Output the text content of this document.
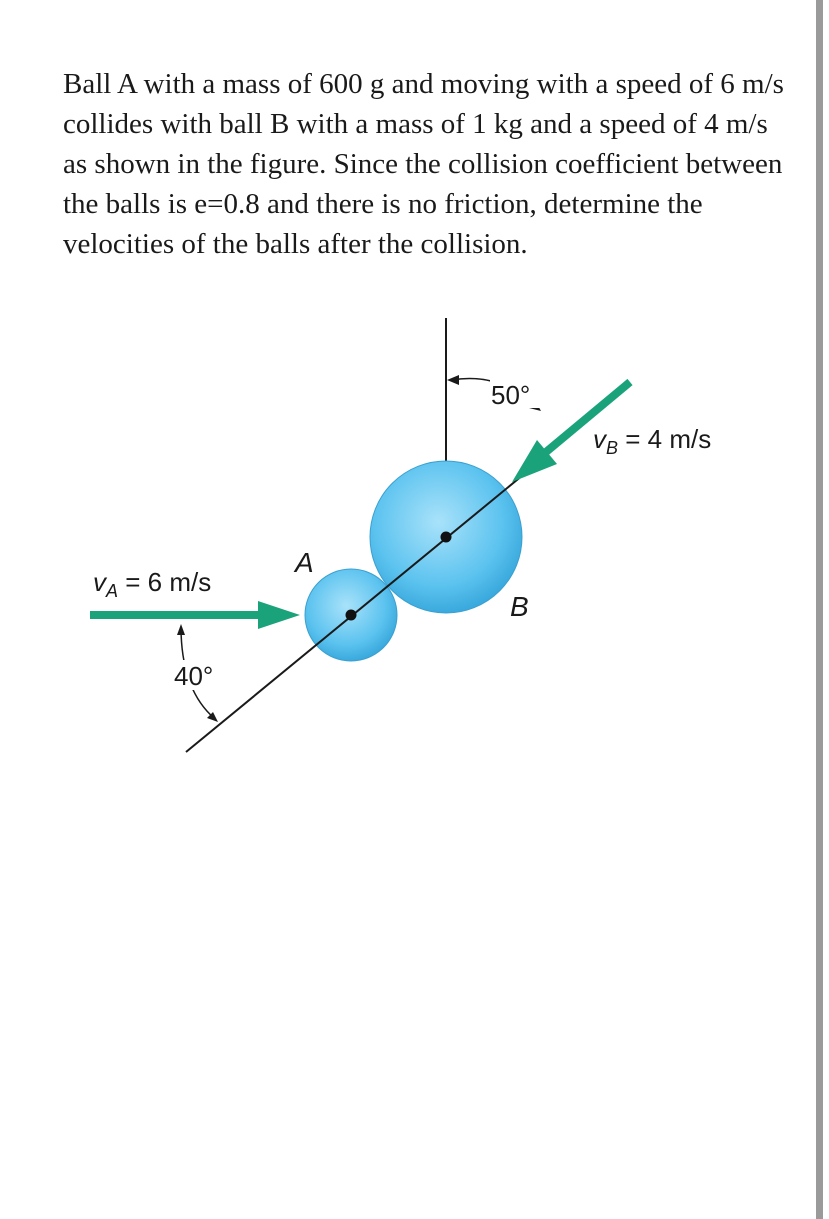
Ball A with a mass of 600 g and moving with a speed of 6 m/s collides with ball B with a mass of 1 kg and a speed of 4 m/s as shown in the figure. Since the collision coefficient between the balls is e=0.8 and there is no friction, determine the velocities of the balls after the collision.

40°
50°
A
B
$v_A = 6$ m/s
$v_B = 4$ m/s
